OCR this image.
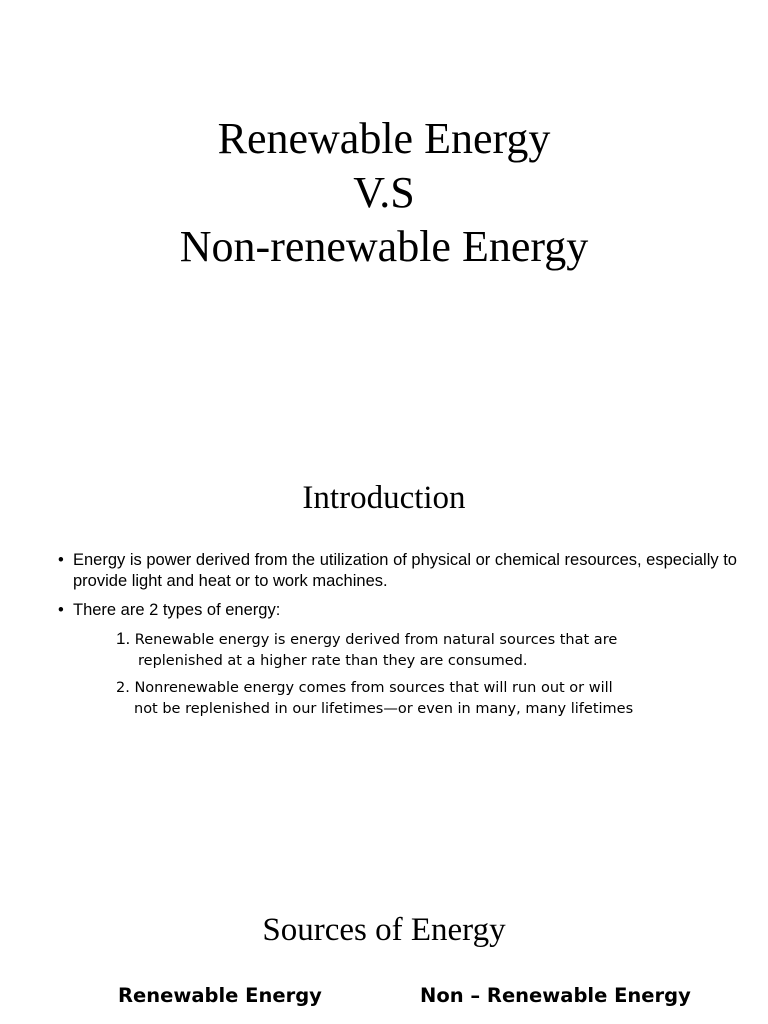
Renewable Energy
V.S
Non-renewable Energy
Introduction
• Energy is power derived from the utilization of physical or chemical resources, especially to provide light and heat or to work machines.
• There are 2 types of energy:
1. Renewable energy is energy derived from natural sources that are
replenished at a higher rate than they are consumed.
2. Nonrenewable energy comes from sources that will run out or will
not be replenished in our lifetimes—or even in many, many lifetimes
Sources of Energy
Renewable Energy	Non – Renewable Energy
